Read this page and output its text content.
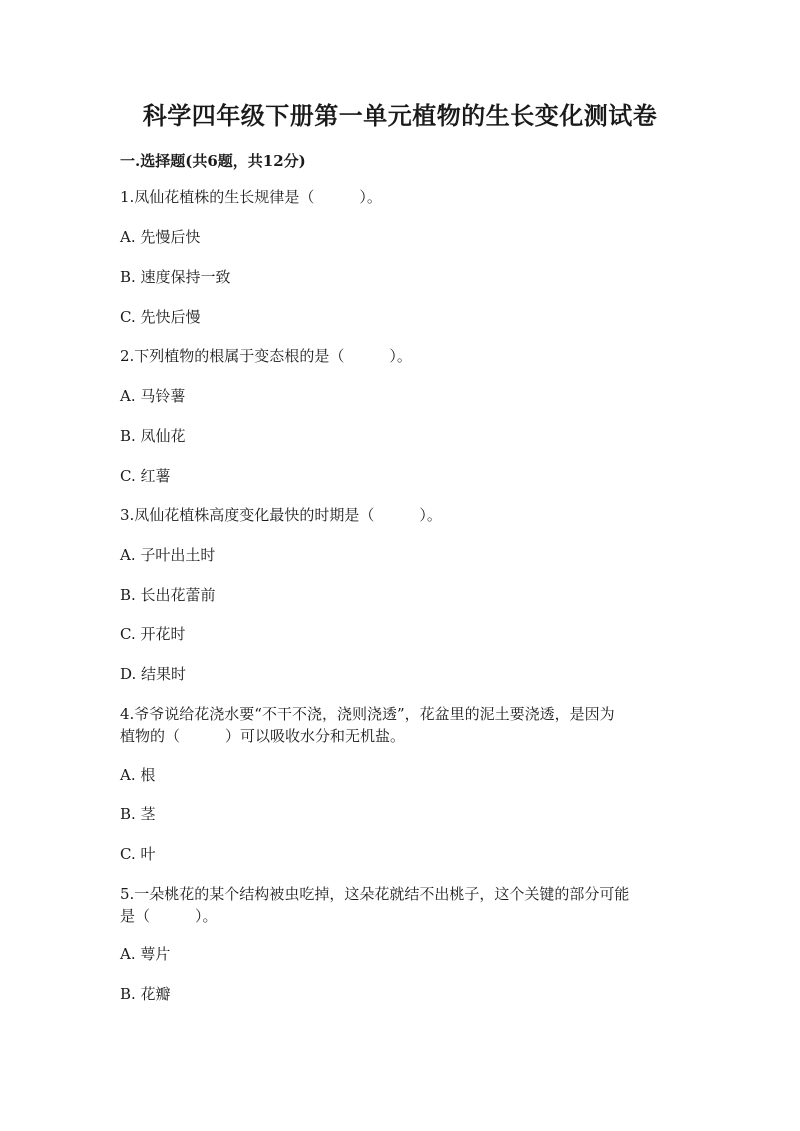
科学四年级下册第一单元植物的生长变化测试卷
一.选择题(共6题，共12分)
1.凤仙花植株的生长规律是（　　　）。
A. 先慢后快
B. 速度保持一致
C. 先快后慢
2.下列植物的根属于变态根的是（　　　）。
A. 马铃薯
B. 凤仙花
C. 红薯
3.凤仙花植株高度变化最快的时期是（　　　）。
A. 子叶出土时
B. 长出花蕾前
C. 开花时
D. 结果时
4.爷爷说给花浇水要“不干不浇，浇则浇透”，花盆里的泥土要浇透，是因为
植物的（　　　）可以吸收水分和无机盐。
A. 根
B. 茎
C. 叶
5.一朵桃花的某个结构被虫吃掉，这朵花就结不出桃子，这个关键的部分可能
是（　　　）。
A. 萼片
B. 花瓣
